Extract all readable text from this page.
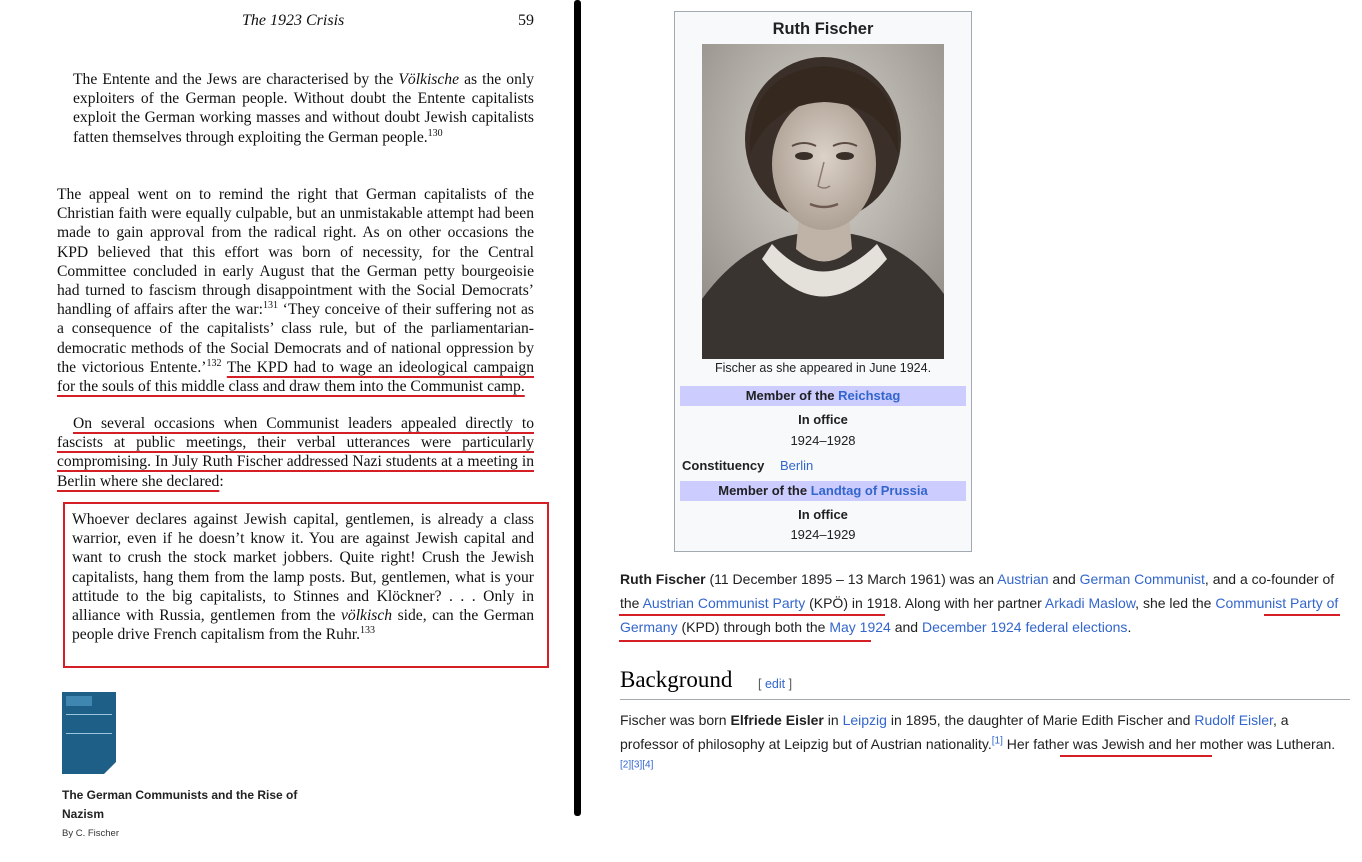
The 1923 Crisis	59

The Entente and the Jews are characterised by the Völkische as the only exploiters of the German people. Without doubt the Entente capitalists exploit the German working masses and without doubt Jewish capitalists fatten themselves through exploiting the German people.$^{130}$

The appeal went on to remind the right that German capitalists of the Christian faith were equally culpable, but an unmistakable attempt had been made to gain approval from the radical right. As on other occasions the KPD believed that this effort was born of necessity, for the Central Committee concluded in early August that the German petty bourgeoisie had turned to fascism through disappointment with the Social Democrats’ handling of affairs after the war:$^{131}$ ‘They conceive of their suffering not as a consequence of the capitalists’ class rule, but of the parliamentarian-democratic methods of the Social Democrats and of national oppression by the victorious Entente.’$^{132}$ The KPD had to wage an ideological campaign for the souls of this middle class and draw them into the Communist camp.

On several occasions when Communist leaders appealed directly to fascists at public meetings, their verbal utterances were particularly compromising. In July Ruth Fischer addressed Nazi students at a meeting in Berlin where she declared:

Whoever declares against Jewish capital, gentlemen, is already a class warrior, even if he doesn’t know it. You are against Jewish capital and want to crush the stock market jobbers. Quite right! Crush the Jewish capitalists, hang them from the lamp posts. But, gentlemen, what is your attitude to the big capitalists, to Stinnes and Klöckner? . . . Only in alliance with Russia, gentlemen from the völkisch side, can the German people drive French capitalism from the Ruhr.$^{133}$

The German Communists and the Rise of Nazism
By C. Fischer
Ruth Fischer
Fischer as she appeared in June 1924.
Member of the Reichstag
In office
1924–1928
Constituency Berlin
Member of the Landtag of Prussia
In office
1924–1929

Ruth Fischer (11 December 1895 – 13 March 1961) was an Austrian and German Communist, and a co-founder of the Austrian Communist Party (KPÖ) in 1918. Along with her partner Arkadi Maslow, she led the Communist Party of Germany (KPD) through both the May 1924 and December 1924 federal elections.

Background [ edit ]

Fischer was born Elfriede Eisler in Leipzig in 1895, the daughter of Marie Edith Fischer and Rudolf Eisler, a professor of philosophy at Leipzig but of Austrian nationality.[1] Her father was Jewish and her mother was Lutheran.[2][3][4]
